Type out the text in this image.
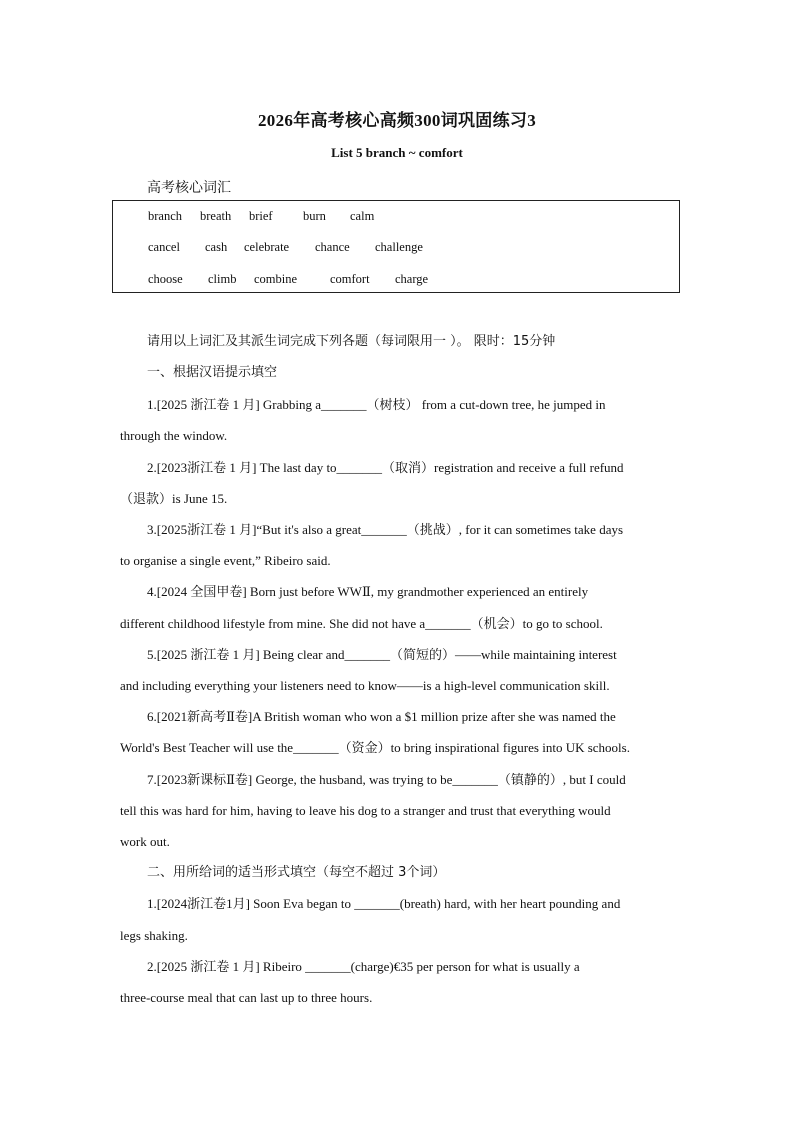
2026年高考核心高频300词巩固练习3
List 5 branch ~ comfort
高考核心词汇
branch breath brief burn calm
cancel cash celebrate chance challenge
choose climb combine	comfort charge
请用以上词汇及其派生词完成下列各题（每词限用一 ）。 限时：15分钟
一、根据汉语提示填空
1.[2025 浙江卷 1 月] Grabbing a_______（树枝） from a cut-down tree, he jumped in
through the window.
2.[2023浙江卷 1 月] The last day to_______（取消）registration and receive a full refund
（退款）is June 15.
3.[2025浙江卷 1 月]“But it's also a great_______（挑战）, for it can sometimes take days
to organise a single event,” Ribeiro said.
4.[2024 全国甲卷] Born just before WWⅡ, my grandmother experienced an entirely
different childhood lifestyle from mine. She did not have a_______（机会）to go to school.
5.[2025 浙江卷 1 月] Being clear and_______（简短的）——while maintaining interest
and including everything your listeners need to know——is a high-level communication skill.
6.[2021新高考Ⅱ卷]A British woman who won a $1 million prize after she was named the
World's Best Teacher will use the_______（资金）to bring inspirational figures into UK schools.
7.[2023新课标Ⅱ卷] George, the husband, was trying to be_______（镇静的）, but I could
tell this was hard for him, having to leave his dog to a stranger and trust that everything would
work out.
二、用所给词的适当形式填空（每空不超过 3个词）
1.[2024浙江卷1月] Soon Eva began to _______(breath) hard, with her heart pounding and
legs shaking.
2.[2025 浙江卷 1 月] Ribeiro _______(charge)€35 per person for what is usually a
three-course meal that can last up to three hours.
